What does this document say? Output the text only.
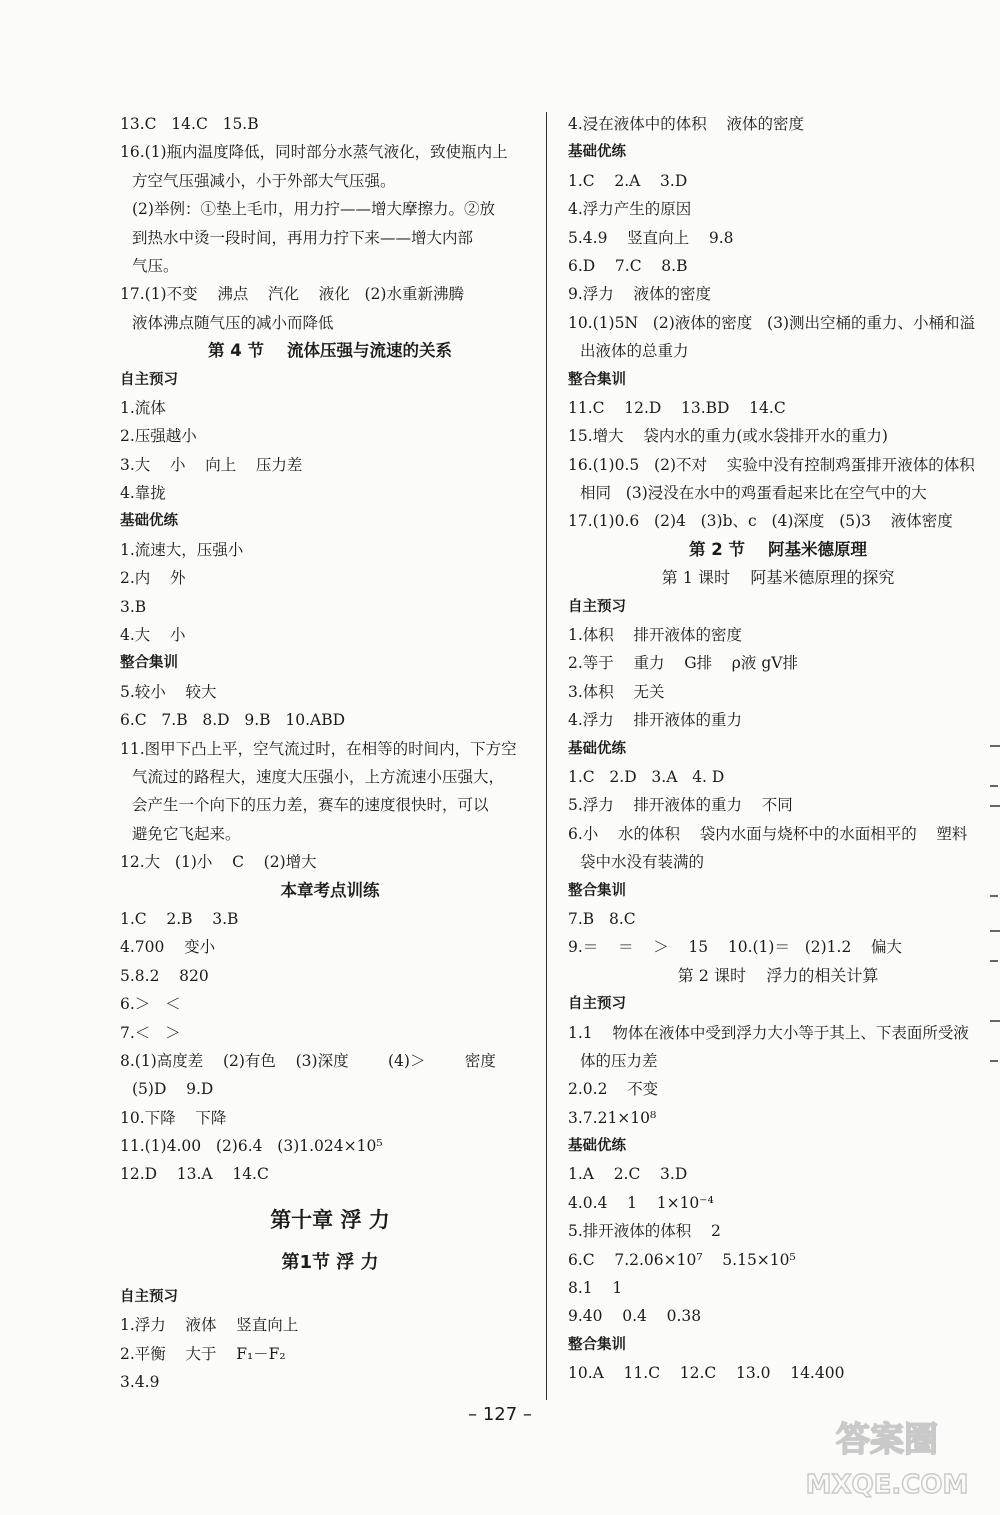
13.C   14.C   15.B
16.(1)瓶内温度降低，同时部分水蒸气液化，致使瓶内上
方空气压强减小，小于外部大气压强。
(2)举例：①垫上毛巾，用力拧——增大摩擦力。②放
到热水中烫一段时间，再用力拧下来——增大内部
气压。
17.(1)不变    沸点    汽化    液化   (2)水重新沸腾
液体沸点随气压的减小而降低
第 4 节    流体压强与流速的关系
自主预习
1.流体
2.压强越小
3.大    小    向上    压力差
4.靠拢
基础优练
1.流速大，压强小
2.内    外
3.B
4.大    小
整合集训
5.较小    较大
6.C   7.B   8.D   9.B   10.ABD
11.图甲下凸上平，空气流过时，在相等的时间内，下方空
气流过的路程大，速度大压强小，上方流速小压强大，
会产生一个向下的压力差，赛车的速度很快时，可以
避免它飞起来。
12.大   (1)小    C    (2)增大
本章考点训练
1.C    2.B    3.B
4.700    变小
5.8.2    820
6.＞   ＜
7.＜   ＞
8.(1)高度差    (2)有色    (3)深度        (4)＞        密度
(5)D    9.D
10.下降    下降
11.(1)4.00   (2)6.4   (3)1.024×10⁵
12.D    13.A    14.C
第十章 浮 力
第1节 浮 力
自主预习
1.浮力    液体    竖直向上
2.平衡    大于    F₁－F₂
3.4.9
4.浸在液体中的体积    液体的密度
基础优练
1.C    2.A    3.D
4.浮力产生的原因
5.4.9    竖直向上    9.8
6.D    7.C    8.B
9.浮力    液体的密度
10.(1)5N   (2)液体的密度   (3)测出空桶的重力、小桶和溢
出液体的总重力
整合集训
11.C    12.D    13.BD    14.C
15.增大    袋内水的重力(或水袋排开水的重力)
16.(1)0.5   (2)不对    实验中没有控制鸡蛋排开液体的体积
相同   (3)浸没在水中的鸡蛋看起来比在空气中的大
17.(1)0.6   (2)4   (3)b、c   (4)深度   (5)3    液体密度
第 2 节    阿基米德原理
第 1 课时    阿基米德原理的探究
自主预习
1.体积    排开液体的密度
2.等于    重力    G排    ρ液 gV排
3.体积    无关
4.浮力    排开液体的重力
基础优练
1.C   2.D   3.A   4. D
5.浮力    排开液体的重力    不同
6.小    水的体积    袋内水面与烧杯中的水面相平的    塑料
袋中水没有装满的
整合集训
7.B   8.C
9.＝    ＝    ＞    15    10.(1)＝   (2)1.2    偏大
第 2 课时    浮力的相关计算
自主预习
1.1    物体在液体中受到浮力大小等于其上、下表面所受液
体的压力差
2.0.2    不变
3.7.21×10⁸
基础优练
1.A    2.C    3.D
4.0.4    1    1×10⁻⁴
5.排开液体的体积    2
6.C    7.2.06×10⁷    5.15×10⁵
8.1    1
9.40    0.4    0.38
整合集训
10.A    11.C    12.C    13.0    14.400
– 127 –
答案圈
MXQE.COM
